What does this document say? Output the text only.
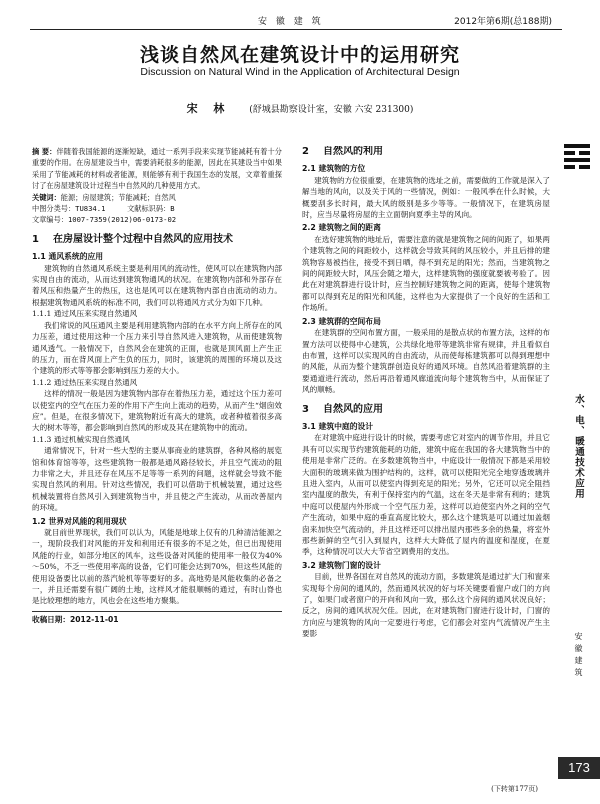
安 徽 建 筑	2012年第6期(总188期)
浅谈自然风在建筑设计中的运用研究
Discussion on Natural Wind in the Application of Architectural Design
宋 林 (舒城县勘察设计室，安徽 六安 231300)

摘 要：伴随着我国能源的逐渐短缺，通过一系列手段来实现节能减耗有着十分重要的作用。在房屋建设当中，需要消耗很多的能源，因此在其建设当中如果采用了节能减耗的材料或者能源，则能够有利于我国生态的发展，文章着重探讨了在房屋建筑设计过程当中自然风的几种使用方式。

关键词：能源；房屋建筑；节能减耗；自然风

中图分类号：TU834.1	文献标识码：B

文章编号：1007-7359(2012)06-0173-02

1 在房屋设计整个过程中自然风的应用技术
1.1 通风系统的应用

建筑物的自然通风系统主要是利用风的流动性，使风可以在建筑物内部实现自由的流动，从而达到建筑物通风的状况。在建筑物内部和外部存在着风压和热量产生的热压，这也是风可以在建筑物内部自由流动的动力。根据建筑物通风系统的标准不同，我们可以将通风方式分为如下几种。

1.1.1 通过风压来实现自然通风

我们常说的风压通风主要是利用建筑物内部的在水平方向上所存在的风力压差，通过使用这种一个压力来引导自然风进入建筑物，从而使建筑物通风透气。一般情况下，自然风会在建筑的正面，也就是顶风面上产生正的压力，而在背风面上产生负的压力，同时，该建筑的周围的环境以及这个建筑的形式等等都会影响到压力差的大小。

1.1.2 通过热压来实现自然通风

这样的情况一般是因为建筑物内部存在着热压力差，通过这个压力差可以使室内的空气在压力差的作用下产生向上流动的趋势，从而产生“烟囱效应”。但是，在很多情况下，建筑物附近有高大的建筑，或者种植着很多高大的树木等等，都会影响到自然风的形成及其在建筑物中的流动。

1.1.3 通过机械实现自然通风

通常情况下，针对一些大型的主要从事商业的建筑群，各种风格的展览馆和体育馆等等，这些建筑物一般都是通风路径较长，并且空气流动的阻力非常之大，并且还存在风压不足等等一系列的问题，这样就会导致不能实现自然风的利用。针对这些情况，我们可以借助于机械装置，通过这些机械装置将自然风引入到建筑物当中，并且使之产生流动，从而改善屋内的环境。

1.2 世界对风能的利用现状

就目前世界现状，我们可以认为，风能是地球上仅有的几种清洁能源之一，现阶段我们对风能的开发和利用还有很多的不足之处，但已出现使用风能的行业，如部分地区的风车，这些设备对风能的使用率一般仅为40%～50%，不乏一些使用率高的设备，它们可能会达到70%，但这些风能的使用设备要比以前的蒸汽轮机等等要好的多。高地势是风能收集的必备之一，并且还需要有很广阔的土地，这样风才能很顺畅的通过，有时山脊也是比较理想的地方，风也会在这些地方聚集。

收稿日期：2012-11-01
2 自然风的利用
2.1 建筑物的方位

建筑物的方位很重要，在建筑物的选址之前，需要做的工作就是深入了解当地的风向，以及关于风的一些情况，例如：一般风季在什么时候，大概要刮多长时间，最大风的级别是多少等等。一般情况下，在建筑房屋时，应当尽量将房屋的主立面朝向夏季主导的风向。

2.2 建筑物之间的距离

在选好建筑物的地址后，需要注意的就是建筑物之间的间距了，如果两个建筑物之间的间距较小，这样就会导致其间的风压较小，并且后排的建筑物容易被挡住，接受不到日晒，得不到充足的阳光；然而，当建筑物之间的间距较大时，风压会随之增大，这样建筑物的强度就要被考验了。因此在对建筑群进行设计时，应当控制好建筑物之间的距离，使每个建筑物都可以得到充足的阳光和风能，这样也为大家提供了一个良好的生活和工作场所。

2.3 建筑群的空间布局

在建筑群的空间布置方面，一般采用的是散点状的布置方法，这样的布置方法可以使得中心建筑，公共绿化地带等建筑非常有规律，并且看似自由布置，这样可以实现风的自由流动，从而使每栋建筑都可以得到理想中的风能，从而为整个建筑群创造良好的通风环境。自然风沿着建筑群的主要通道进行流动，然后再沿着通风廊道流向每个建筑物当中，从而保证了风的顺畅。

3 自然风的应用
3.1 建筑中庭的设计

在对建筑中庭进行设计的时候，需要考虑它对室内的调节作用，并且它具有可以实现节约建筑能耗的功能，建筑中庭在我国的各大建筑物当中的使用是非常广泛的。在多数建筑物当中，中庭设计一般情况下都是采用较大面积的玻璃来做为围护结构的，这样，就可以使阳光完全地穿透玻璃并且进入室内，从而可以使室内得到充足的阳光；另外，它还可以完全阻挡室内温度的散失，有利于保持室内的气温，这在冬天是非常有利的；建筑中庭可以使屋内外形成一个空气压力差，这样可以迫使室内外之间的空气产生流动，如果中庭的垂直高度比较大，那么这个建筑是可以通过加盖烟囱来加快空气流动的，并且这样还可以排出屋内那些多余的热量，将室外那些新鲜的空气引入到屋内，这样大大降低了屋内的温度和湿度，在夏季，这种情况可以大大节省空调费用的支出。

3.2 建筑物门窗的设计

目前，世界各国在对自然风的流动方面，多数建筑是通过扩大门和窗来实现每个房间的通风的，然而通风状况的好与坏关键要看窗户或门的方向了，如果门或者窗户的开向和风向一致，那么这个房间的通风状况良好；反之，房间的通风状况欠佳。因此，在对建筑物门窗进行设计时，门窗的方向应与建筑物的风向一定要进行考虑，它们都会对室内气流情况产生主要影

(下转第177页)
水、电、暖通技术应用
安徽建筑
173
